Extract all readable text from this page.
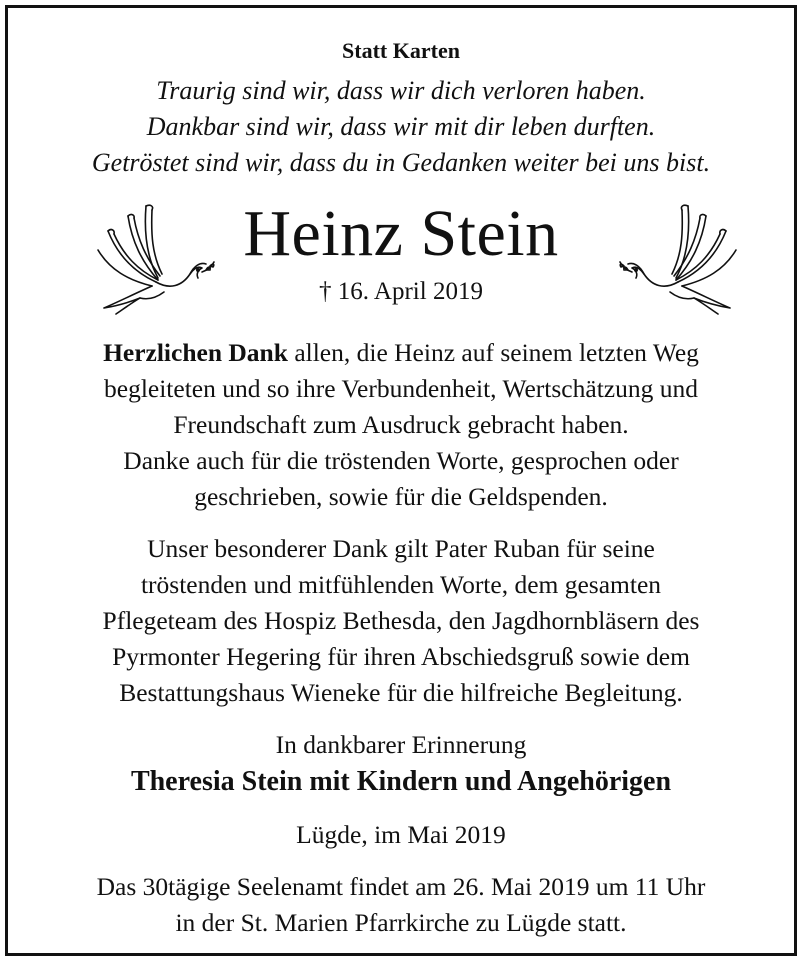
Statt Karten
Traurig sind wir, dass wir dich verloren haben.
Dankbar sind wir, dass wir mit dir leben durften.
Getröstet sind wir, dass du in Gedanken weiter bei uns bist.
Heinz Stein
† 16. April 2019
Herzlichen Dank allen, die Heinz auf seinem letzten Weg
begleiteten und so ihre Verbundenheit, Wertschätzung und
Freundschaft zum Ausdruck gebracht haben.
Danke auch für die tröstenden Worte, gesprochen oder
geschrieben, sowie für die Geldspenden.
Unser besonderer Dank gilt Pater Ruban für seine
tröstenden und mitfühlenden Worte, dem gesamten
Pflegeteam des Hospiz Bethesda, den Jagdhornbläsern des
Pyrmonter Hegering für ihren Abschiedsgruß sowie dem
Bestattungshaus Wieneke für die hilfreiche Begleitung.
In dankbarer Erinnerung
Theresia Stein mit Kindern und Angehörigen
Lügde, im Mai 2019
Das 30tägige Seelenamt findet am 26. Mai 2019 um 11 Uhr
in der St. Marien Pfarrkirche zu Lügde statt.
